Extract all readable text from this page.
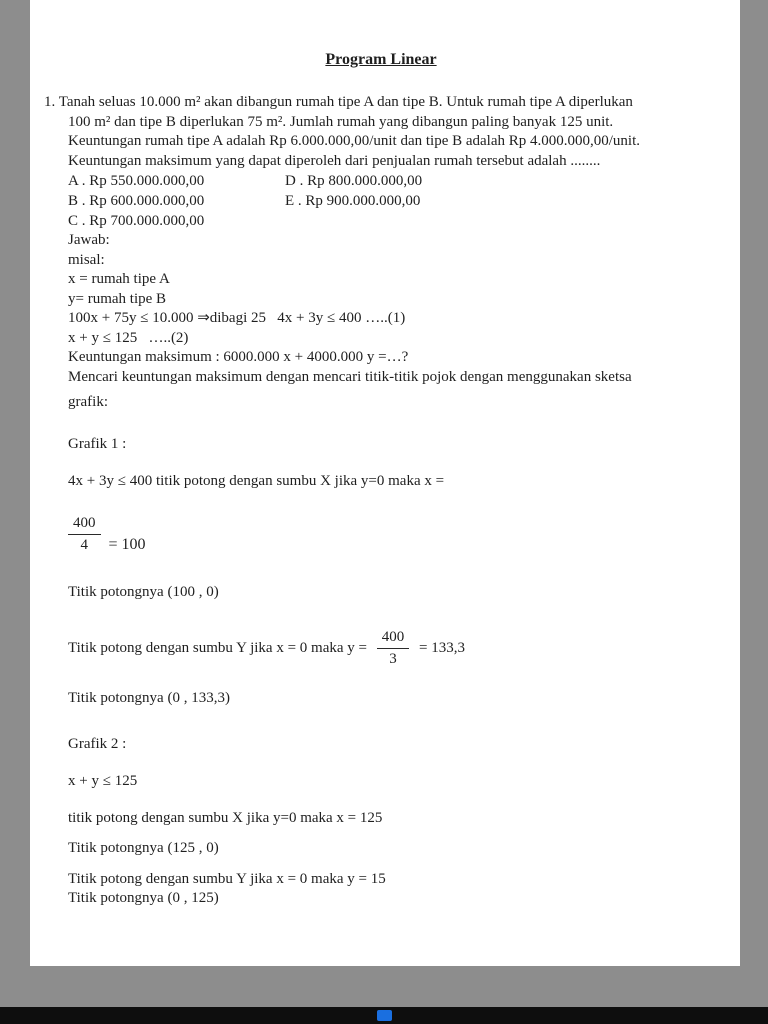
Program Linear
1. Tanah seluas 10.000 m² akan dibangun rumah tipe A dan tipe B. Untuk rumah tipe A diperlukan
100 m² dan tipe B diperlukan 75 m². Jumlah rumah yang dibangun paling banyak 125 unit.
Keuntungan rumah tipe A adalah Rp 6.000.000,00/unit dan tipe B adalah Rp 4.000.000,00/unit.
Keuntungan maksimum yang dapat diperoleh dari penjualan rumah tersebut adalah ........
A . Rp 550.000.000,00	D . Rp 800.000.000,00
B . Rp 600.000.000,00	E . Rp 900.000.000,00
C . Rp 700.000.000,00
Jawab:
misal:
x = rumah tipe A
y= rumah tipe B
100x + 75y ≤ 10.000 ⇒dibagi 25   4x + 3y ≤ 400 …..(1)
x + y ≤ 125   …..(2)
Keuntungan maksimum : 6000.000 x + 4000.000 y =…?
Mencari keuntungan maksimum dengan mencari titik-titik pojok dengan menggunakan sketsa
grafik:
Grafik 1 :
4x + 3y ≤ 400 titik potong dengan sumbu X jika y=0 maka x =
$\frac{400}{4} = 100$
Titik potongnya (100 , 0)
Titik potong dengan sumbu Y jika x = 0 maka $y = \frac{400}{3} = 133,3$
Titik potongnya (0 , 133,3)
Grafik 2 :
x + y ≤ 125
titik potong dengan sumbu X jika y=0 maka x = 125
Titik potongnya (125 , 0)
Titik potong dengan sumbu Y jika x = 0 maka y = 15
Titik potongnya (0 , 125)
